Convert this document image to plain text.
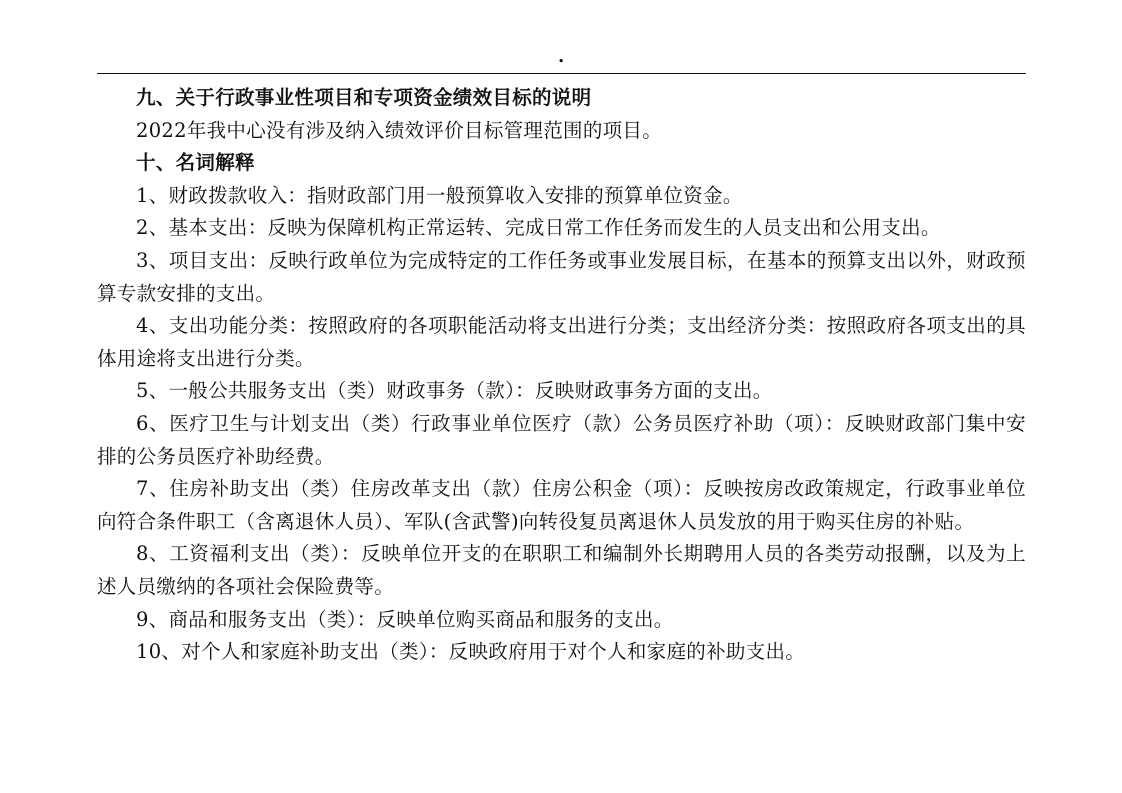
.

九、关于行政事业性项目和专项资金绩效目标的说明

2022年我中心没有涉及纳入绩效评价目标管理范围的项目。

十、名词解释

1、财政拨款收入：指财政部门用一般预算收入安排的预算单位资金。

2、基本支出：反映为保障机构正常运转、完成日常工作任务而发生的人员支出和公用支出。

3、项目支出：反映行政单位为完成特定的工作任务或事业发展目标，在基本的预算支出以外，财政预算专款安排的支出。

4、支出功能分类：按照政府的各项职能活动将支出进行分类；支出经济分类：按照政府各项支出的具体用途将支出进行分类。

5、一般公共服务支出（类）财政事务（款）：反映财政事务方面的支出。

6、医疗卫生与计划支出（类）行政事业单位医疗（款）公务员医疗补助（项）：反映财政部门集中安排的公务员医疗补助经费。

7、住房补助支出（类）住房改革支出（款）住房公积金（项）：反映按房改政策规定，行政事业单位向符合条件职工（含离退休人员）、军队(含武警)向转役复员离退休人员发放的用于购买住房的补贴。

8、工资福利支出（类）：反映单位开支的在职职工和编制外长期聘用人员的各类劳动报酬，以及为上述人员缴纳的各项社会保险费等。

9、商品和服务支出（类）：反映单位购买商品和服务的支出。

10、对个人和家庭补助支出（类）：反映政府用于对个人和家庭的补助支出。
